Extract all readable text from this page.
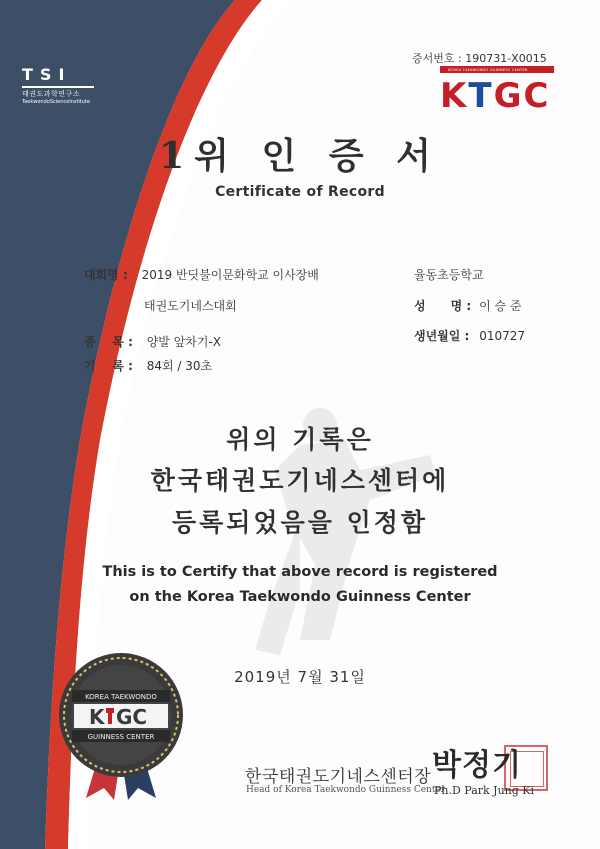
TSI
태권도과학연구소
TaekwondoScienceInstitute
증서번호 : 190731-X0015
KOREA TAEKWONDO GUINNESS CENTER
KTGC
1위 인 증 서
Certificate of Record
대회명 : 2019 반딧불이문화학교 이사장배
태권도기네스대회
종    목 : 양발 앞차기-X
기    록 : 84회 / 30초
율동초등학교
성      명 : 이 승 준
생년월일 : 010727
위의 기록은
한국태권도기네스센터에
등록되었음을 인정함
This is to Certify that above record is registered
on the Korea Taekwondo Guinness Center
2019년 7월 31일
KOREA TAEKWONDO
K GC
GUINNESS CENTER
한국태권도기네스센터장
Head of Korea Taekwondo Guinness Center
박정기
Ph.D Park Jung Ki
